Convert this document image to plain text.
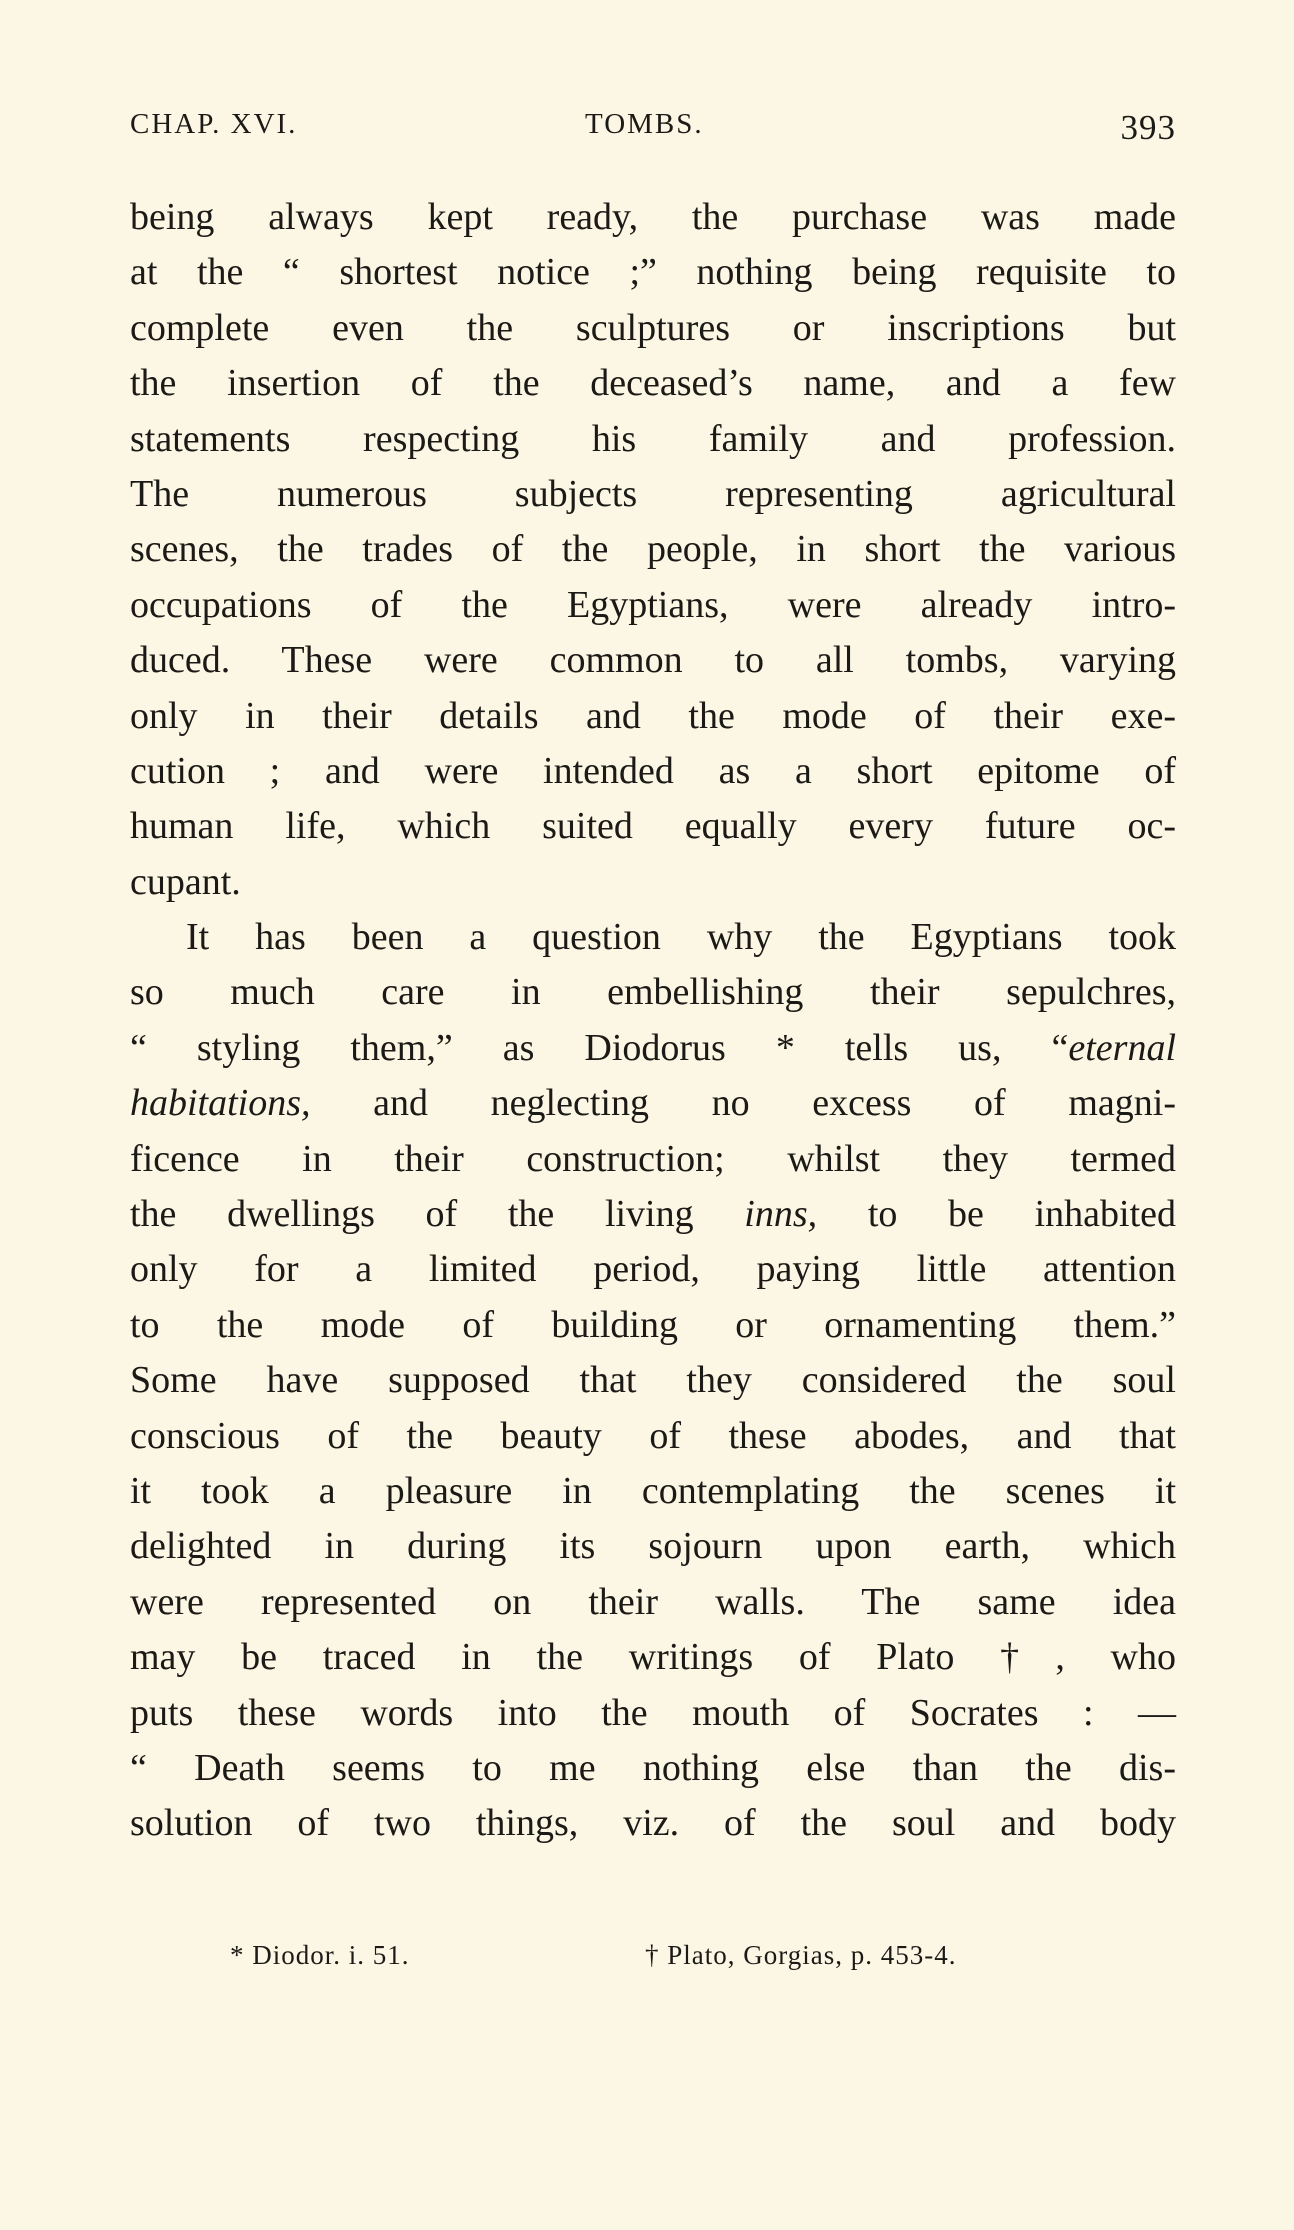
CHAP. XVI.	TOMBS.	393
being always kept ready, the purchase was made
at the “ shortest notice ;” nothing being requisite to
complete even the sculptures or inscriptions but
the insertion of the deceased’s name, and a few
statements respecting his family and profession.
The numerous subjects representing agricultural
scenes, the trades of the people, in short the various
occupations of the Egyptians, were already intro-
duced. These were common to all tombs, varying
only in their details and the mode of their exe-
cution ; and were intended as a short epitome of
human life, which suited equally every future oc-
cupant.
It has been a question why the Egyptians took
so much care in embellishing their sepulchres,
“ styling them,” as Diodorus * tells us, “eternal
habitations, and neglecting no excess of magni-
ficence in their construction; whilst they termed
the dwellings of the living inns, to be inhabited
only for a limited period, paying little attention
to the mode of building or ornamenting them.”
Some have supposed that they considered the soul
conscious of the beauty of these abodes, and that
it took a pleasure in contemplating the scenes it
delighted in during its sojourn upon earth, which
were represented on their walls. The same idea
may be traced in the writings of Plato †, who
puts these words into the mouth of Socrates : —
“ Death seems to me nothing else than the dis-
solution of two things, viz. of the soul and body
* Diodor. i. 51.	† Plato, Gorgias, p. 453-4.
